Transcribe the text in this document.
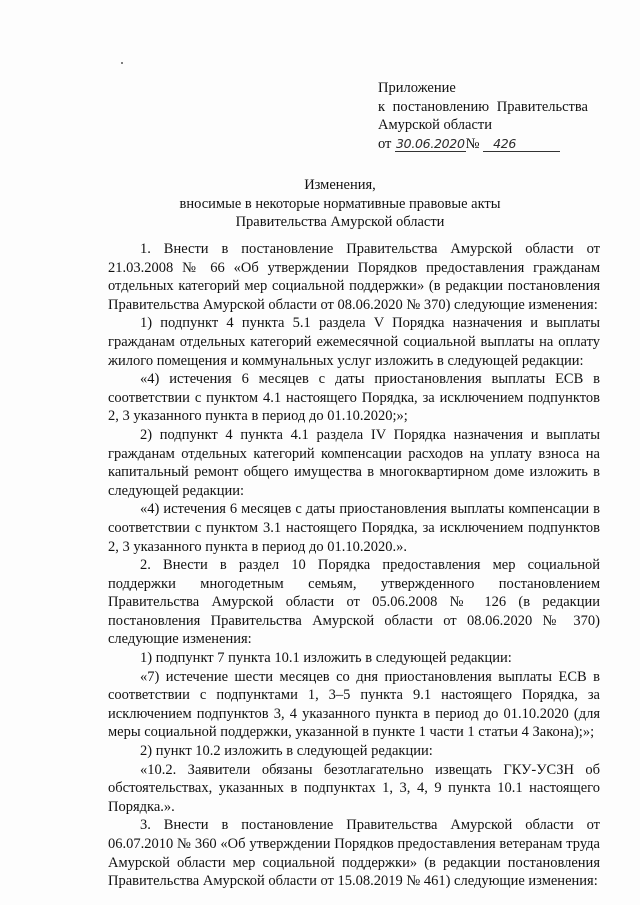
Приложение
к постановлению Правительства
Амурской области
от 30.06.2020№ 426
Изменения,
вносимые в некоторые нормативные правовые акты
Правительства Амурской области

1. Внести в постановление Правительства Амурской области от 21.03.2008 № 66 «Об утверждении Порядков предоставления гражданам отдельных категорий мер социальной поддержки» (в редакции постановления Правительства Амурской области от 08.06.2020 № 370) следующие изменения:

1) подпункт 4 пункта 5.1 раздела V Порядка назначения и выплаты гражданам отдельных категорий ежемесячной социальной выплаты на оплату жилого помещения и коммунальных услуг изложить в следующей редакции:

«4) истечения 6 месяцев с даты приостановления выплаты ЕСВ в соответствии с пунктом 4.1 настоящего Порядка, за исключением подпунктов 2, 3 указанного пункта в период до 01.10.2020;»;

2) подпункт 4 пункта 4.1 раздела IV Порядка назначения и выплаты гражданам отдельных категорий компенсации расходов на уплату взноса на капитальный ремонт общего имущества в многоквартирном доме изложить в следующей редакции:

«4) истечения 6 месяцев с даты приостановления выплаты компенсации в соответствии с пунктом 3.1 настоящего Порядка, за исключением подпунктов 2, 3 указанного пункта в период до 01.10.2020.».

2. Внести в раздел 10 Порядка предоставления мер социальной поддержки многодетным семьям, утвержденного постановлением Правительства Амурской области от 05.06.2008 № 126 (в редакции постановления Правительства Амурской области от 08.06.2020 № 370) следующие изменения:

1) подпункт 7 пункта 10.1 изложить в следующей редакции:

«7) истечение шести месяцев со дня приостановления выплаты ЕСВ в соответствии с подпунктами 1, 3–5 пункта 9.1 настоящего Порядка, за исключением подпунктов 3, 4 указанного пункта в период до 01.10.2020 (для меры социальной поддержки, указанной в пункте 1 части 1 статьи 4 Закона);»;

2) пункт 10.2 изложить в следующей редакции:

«10.2. Заявители обязаны безотлагательно извещать ГКУ-УСЗН об обстоятельствах, указанных в подпунктах 1, 3, 4, 9 пункта 10.1 настоящего Порядка.».

3. Внести в постановление Правительства Амурской области от 06.07.2010 № 360 «Об утверждении Порядков предоставления ветеранам труда Амурской области мер социальной поддержки» (в редакции постановления Правительства Амурской области от 15.08.2019 № 461) следующие изменения:
